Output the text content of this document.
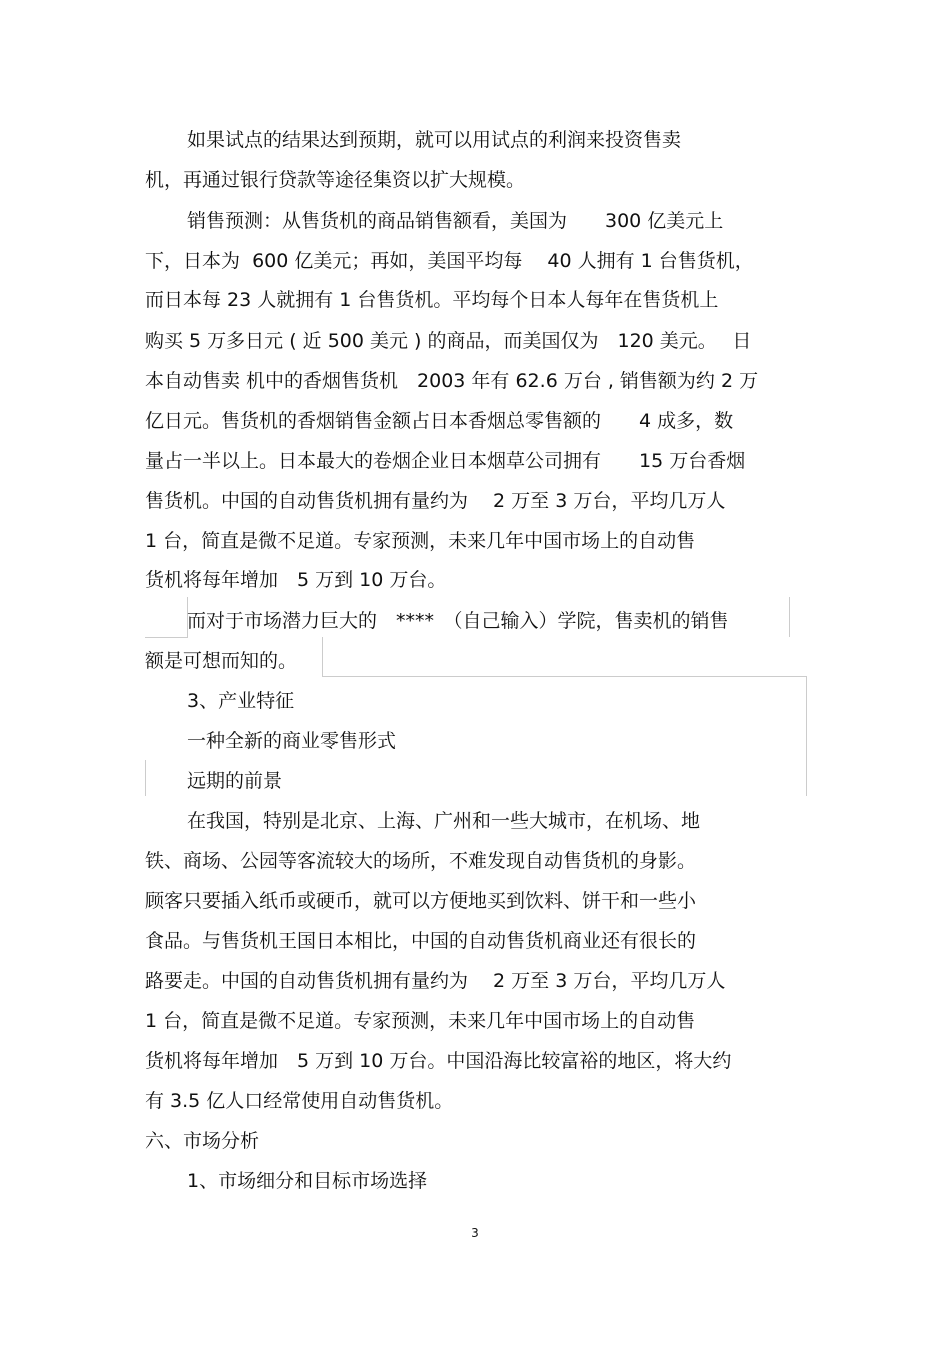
如果试点的结果达到预期，就可以用试点的利润来投资售卖
机，再通过银行贷款等途径集资以扩大规模。
销售预测：从售货机的商品销售额看，美国为　　300 亿美元上
下，日本为  600 亿美元；再如，美国平均每　 40 人拥有 1 台售货机，
而日本每 23 人就拥有 1 台售货机。平均每个日本人每年在售货机上
购买 5 万多日元 ( 近 500 美元 ) 的商品，而美国仅为　120 美元。　 日
本自动售卖 机中的香烟售货机　2003 年有 62.6 万台 , 销售额为约 2 万
亿日元。售货机的香烟销售金额占日本香烟总零售额的　　4 成多，数
量占一半以上。日本最大的卷烟企业日本烟草公司拥有　　15 万台香烟
售货机。中国的自动售货机拥有量约为　 2 万至 3 万台，平均几万人
1 台，简直是微不足道。专家预测，未来几年中国市场上的自动售
货机将每年增加　5 万到 10 万台。
而对于市场潜力巨大的　****　（自己输入）学院，售卖机的销售
额是可想而知的。
3、产业特征
一种全新的商业零售形式
远期的前景
在我国，特别是北京、上海、广州和一些大城市，在机场、地
铁、商场、公园等客流较大的场所，不难发现自动售货机的身影。
顾客只要插入纸币或硬币，就可以方便地买到饮料、饼干和一些小
食品。与售货机王国日本相比，中国的自动售货机商业还有很长的
路要走。中国的自动售货机拥有量约为　 2 万至 3 万台，平均几万人
1 台，简直是微不足道。专家预测，未来几年中国市场上的自动售
货机将每年增加　5 万到 10 万台。中国沿海比较富裕的地区，将大约
有 3.5 亿人口经常使用自动售货机。
六、市场分析
1、市场细分和目标市场选择
3
